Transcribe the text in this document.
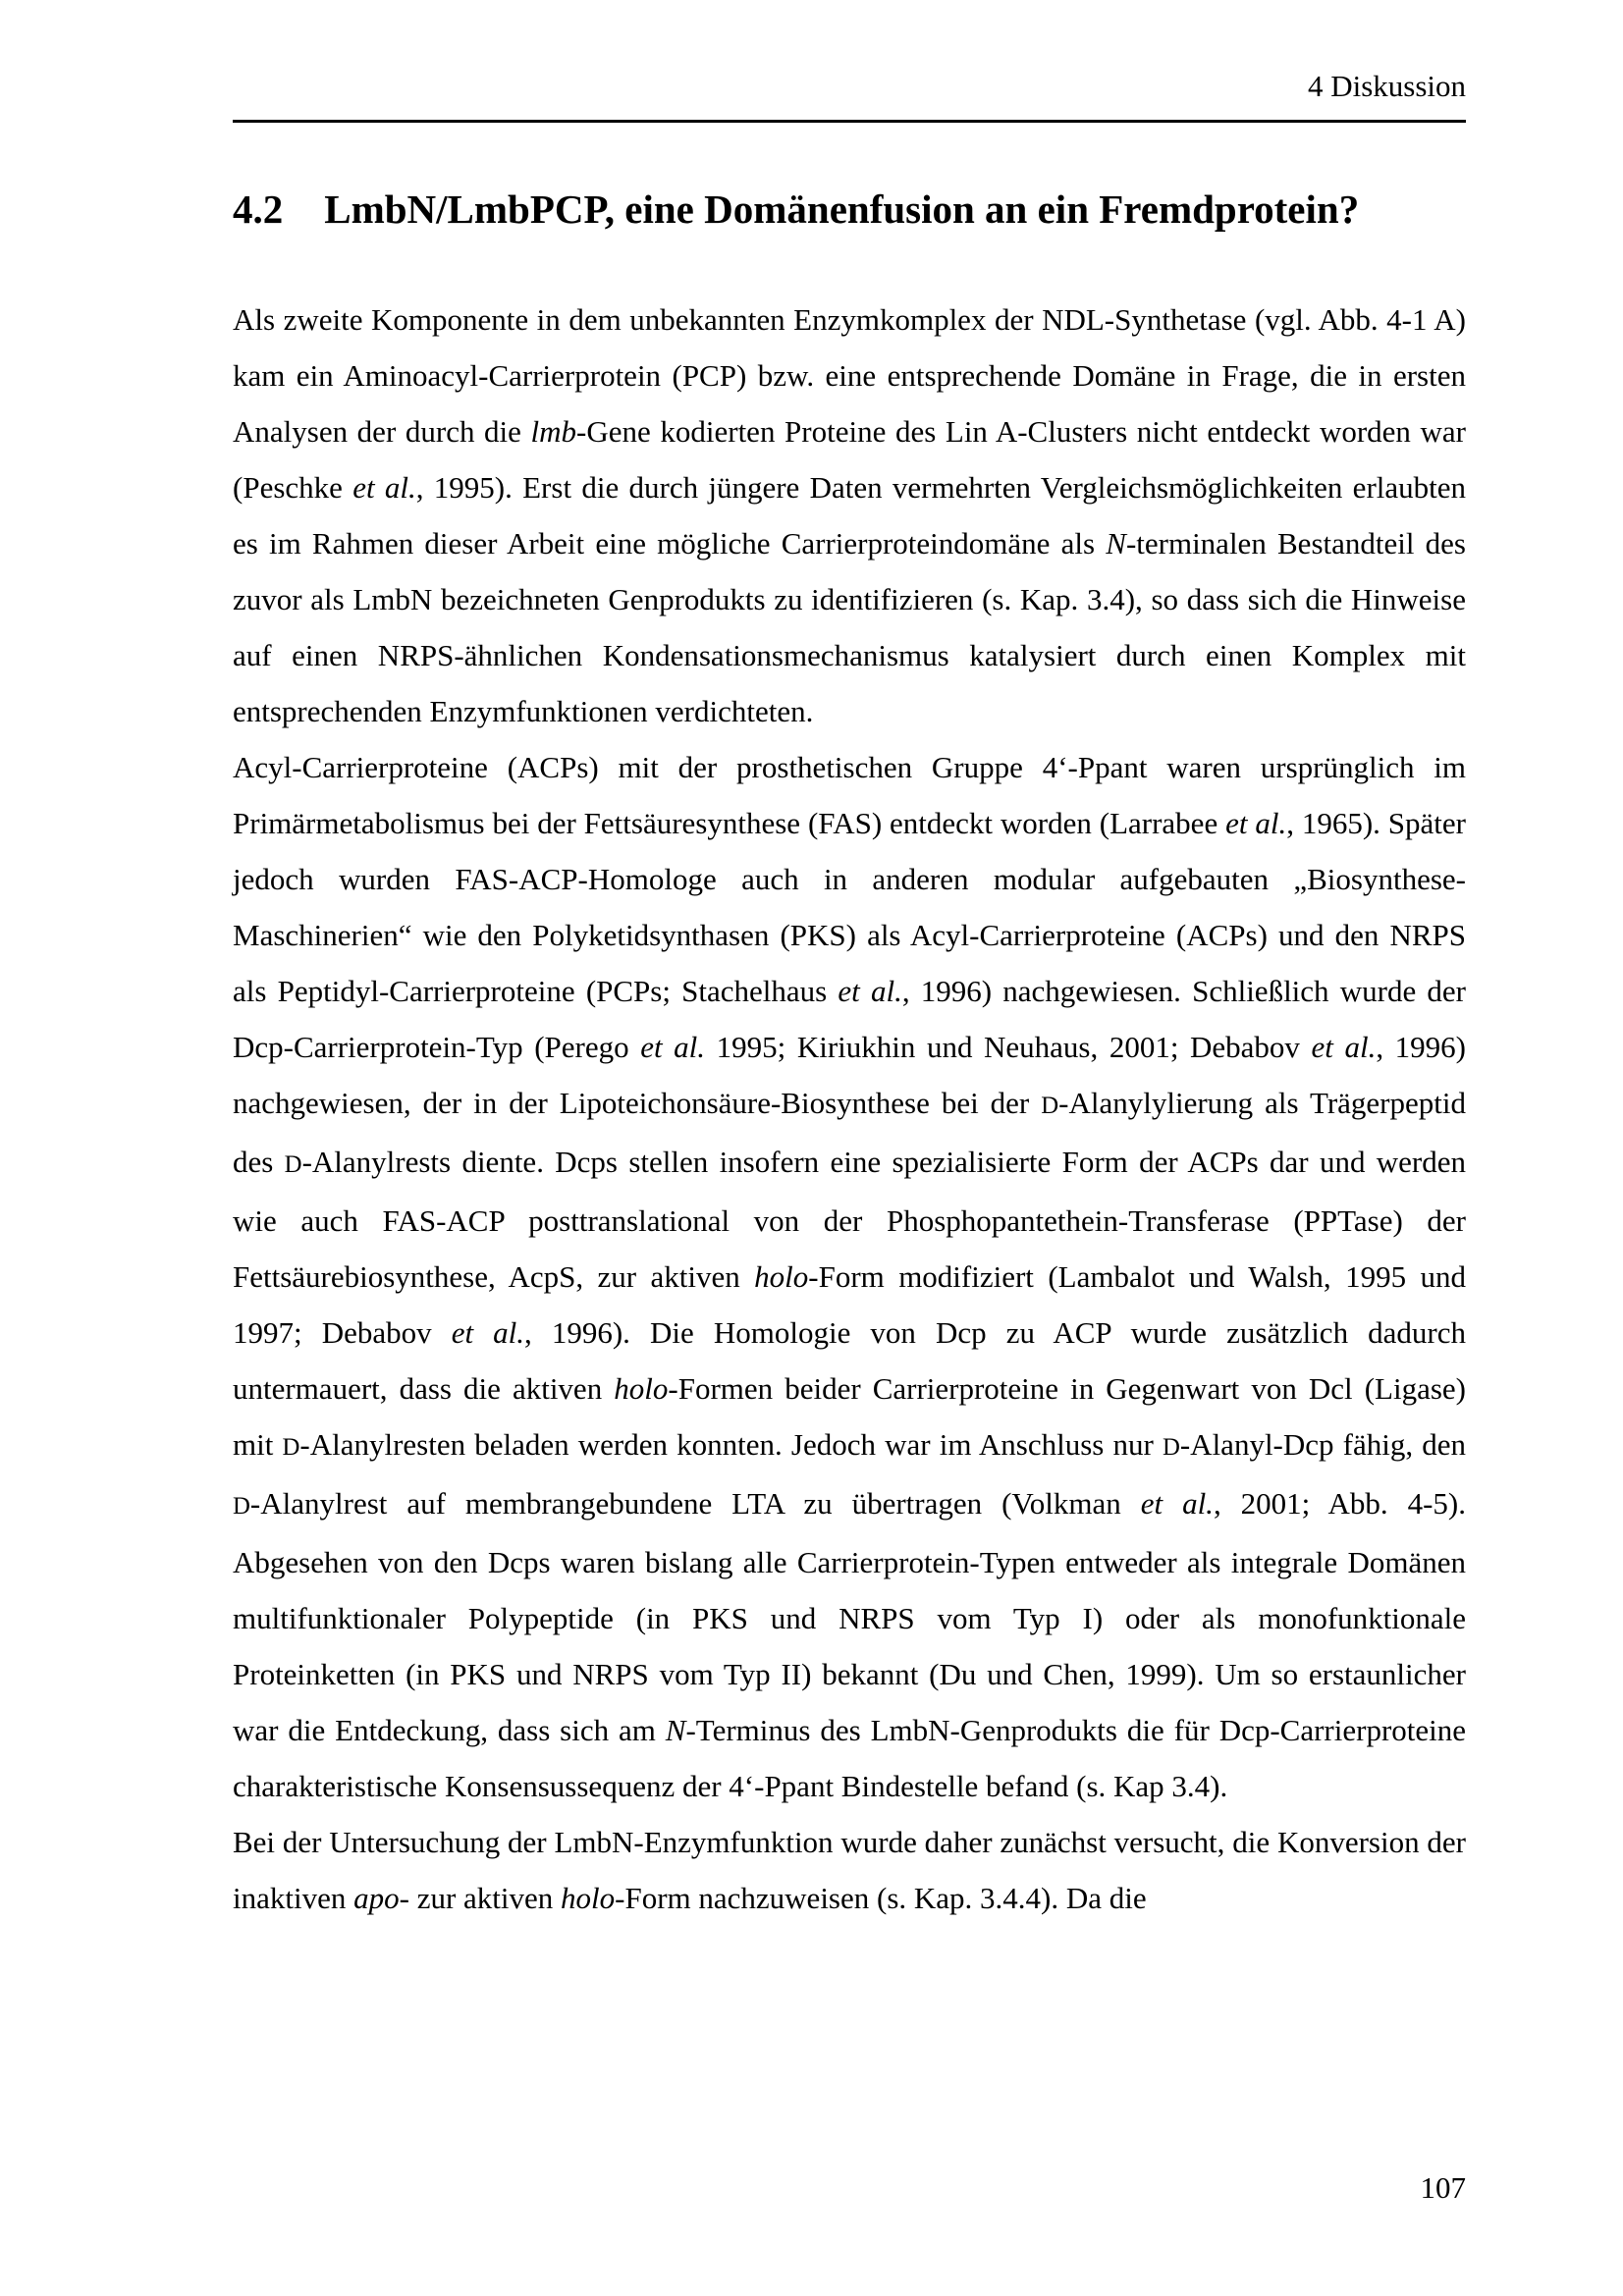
4 Diskussion
4.2 LmbN/LmbPCP, eine Domänenfusion an ein Fremdprotein?

Als zweite Komponente in dem unbekannten Enzymkomplex der NDL-Synthetase (vgl. Abb. 4-1 A) kam ein Aminoacyl-Carrierprotein (PCP) bzw. eine entsprechende Domäne in Frage, die in ersten Analysen der durch die lmb-Gene kodierten Proteine des Lin A-Clusters nicht entdeckt worden war (Peschke et al., 1995). Erst die durch jüngere Daten vermehrten Vergleichsmöglichkeiten erlaubten es im Rahmen dieser Arbeit eine mögliche Carrierproteindomäne als N-terminalen Bestandteil des zuvor als LmbN bezeichneten Genprodukts zu identifizieren (s. Kap. 3.4), so dass sich die Hinweise auf einen NRPS-ähnlichen Kondensationsmechanismus katalysiert durch einen Komplex mit entsprechenden Enzymfunktionen verdichteten.

Acyl-Carrierproteine (ACPs) mit der prosthetischen Gruppe 4‘-Ppant waren ursprünglich im Primärmetabolismus bei der Fettsäuresynthese (FAS) entdeckt worden (Larrabee et al., 1965). Später jedoch wurden FAS-ACP-Homologe auch in anderen modular aufgebauten „Biosynthese-Maschinerien“ wie den Polyketidsynthasen (PKS) als Acyl-Carrierproteine (ACPs) und den NRPS als Peptidyl-Carrierproteine (PCPs; Stachelhaus et al., 1996) nachgewiesen. Schließlich wurde der Dcp-Carrierprotein-Typ (Perego et al. 1995; Kiriukhin und Neuhaus, 2001; Debabov et al., 1996) nachgewiesen, der in der Lipoteichonsäure-Biosynthese bei der D-Alanylylierung als Trägerpeptid des D-Alanylrests diente. Dcps stellen insofern eine spezialisierte Form der ACPs dar und werden wie auch FAS-ACP posttranslational von der Phosphopantethein-Transferase (PPTase) der Fettsäurebiosynthese, AcpS, zur aktiven holo-Form modifiziert (Lambalot und Walsh, 1995 und 1997; Debabov et al., 1996). Die Homologie von Dcp zu ACP wurde zusätzlich dadurch untermauert, dass die aktiven holo-Formen beider Carrierproteine in Gegenwart von Dcl (Ligase) mit D-Alanylresten beladen werden konnten. Jedoch war im Anschluss nur D-Alanyl-Dcp fähig, den D-Alanylrest auf membrangebundene LTA zu übertragen (Volkman et al., 2001; Abb. 4-5). Abgesehen von den Dcps waren bislang alle Carrierprotein-Typen entweder als integrale Domänen multifunktionaler Polypeptide (in PKS und NRPS vom Typ I) oder als monofunktionale Proteinketten (in PKS und NRPS vom Typ II) bekannt (Du und Chen, 1999). Um so erstaunlicher war die Entdeckung, dass sich am N-Terminus des LmbN-Genprodukts die für Dcp-Carrierproteine charakteristische Konsensussequenz der 4‘-Ppant Bindestelle befand (s. Kap 3.4).

Bei der Untersuchung der LmbN-Enzymfunktion wurde daher zunächst versucht, die Konversion der inaktiven apo- zur aktiven holo-Form nachzuweisen (s. Kap. 3.4.4). Da die

107
